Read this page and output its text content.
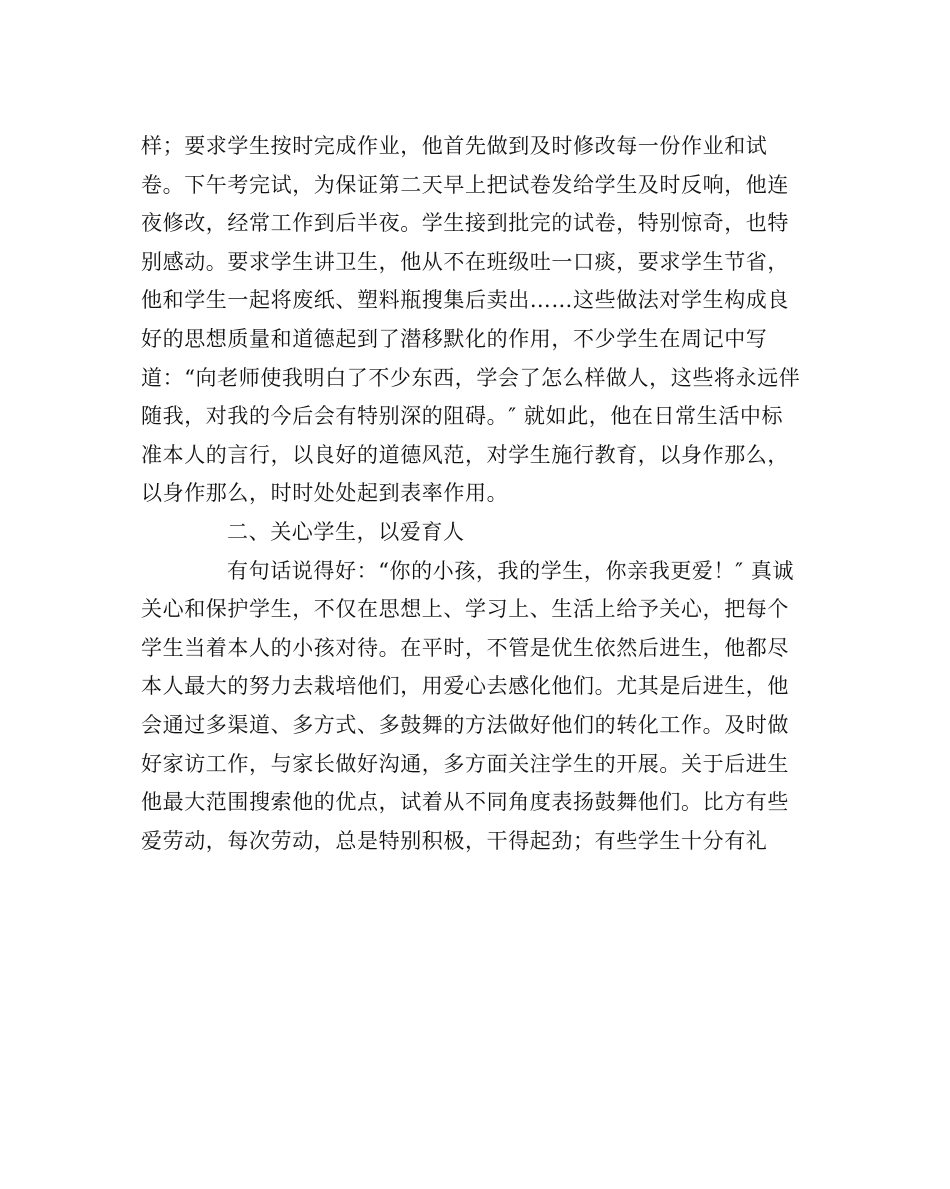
样；要求学生按时完成作业，他首先做到及时修改每一份作业和试
卷。下午考完试，为保证第二天早上把试卷发给学生及时反响，他连
夜修改，经常工作到后半夜。学生接到批完的试卷，特别惊奇，也特
别感动。要求学生讲卫生，他从不在班级吐一口痰，要求学生节省，
他和学生一起将废纸、塑料瓶搜集后卖出……这些做法对学生构成良
好的思想质量和道德起到了潜移默化的作用，不少学生在周记中写
道：“向老师使我明白了不少东西，学会了怎么样做人，这些将永远伴
随我，对我的今后会有特别深的阻碍。″ 就如此，他在日常生活中标
准本人的言行，以良好的道德风范，对学生施行教育，以身作那么，
以身作那么，时时处处起到表率作用。
二、关心学生，以爱育人
有句话说得好：“你的小孩，我的学生，你亲我更爱！″ 真诚
关心和保护学生，不仅在思想上、学习上、生活上给予关心，把每个
学生当着本人的小孩对待。在平时，不管是优生依然后进生，他都尽
本人最大的努力去栽培他们，用爱心去感化他们。尤其是后进生，他
会通过多渠道、多方式、多鼓舞的方法做好他们的转化工作。及时做
好家访工作，与家长做好沟通，多方面关注学生的开展。关于后进生
他最大范围搜索他的优点，试着从不同角度表扬鼓舞他们。比方有些
爱劳动，每次劳动，总是特别积极，干得起劲；有些学生十分有礼
